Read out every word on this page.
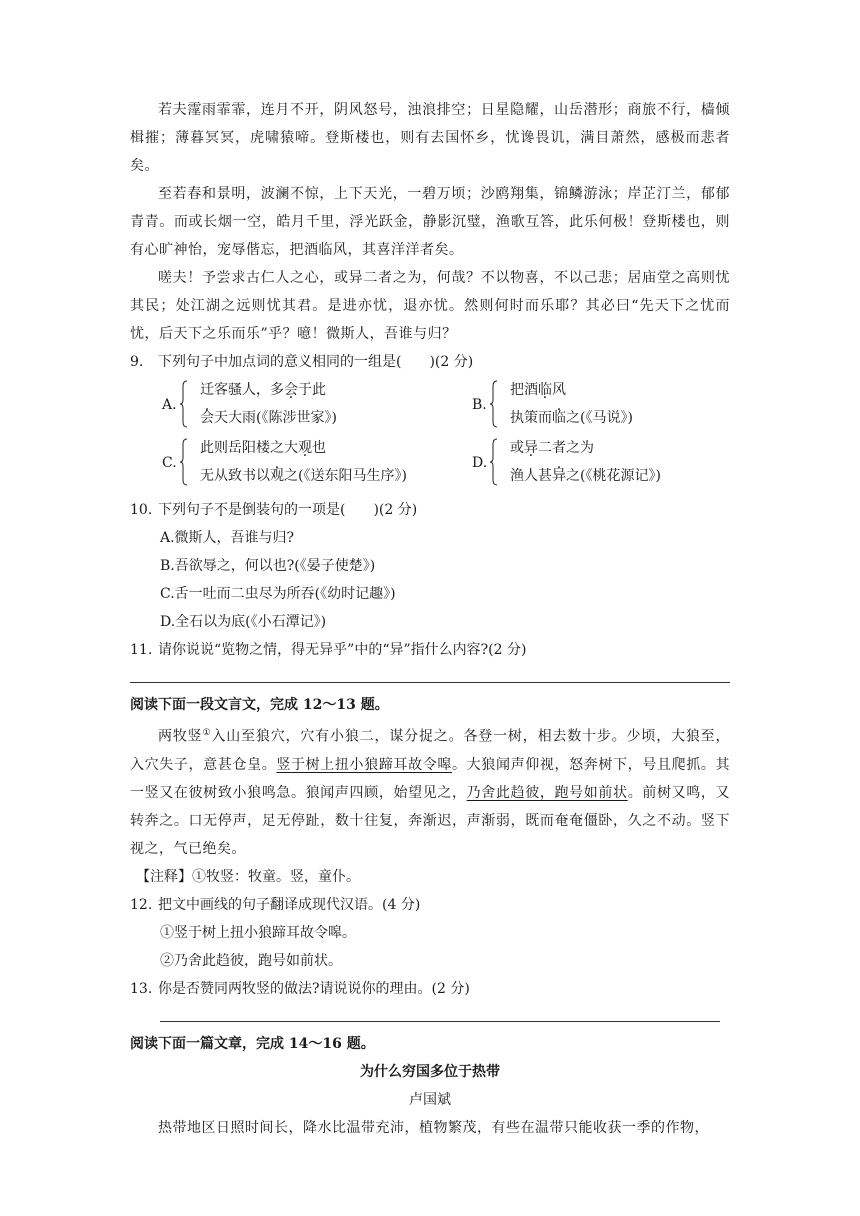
若夫霪雨霏霏，连月不开，阴风怒号，浊浪排空；日星隐耀，山岳潜形；商旅不行，樯倾楫摧；薄暮冥冥，虎啸猿啼。登斯楼也，则有去国怀乡，忧谗畏讥，满目萧然，感极而悲者矣。

至若春和景明，波澜不惊，上下天光，一碧万顷；沙鸥翔集，锦鳞游泳；岸芷汀兰，郁郁青青。而或长烟一空，皓月千里，浮光跃金，静影沉璧，渔歌互答，此乐何极！登斯楼也，则有心旷神怡，宠辱偕忘，把酒临风，其喜洋洋者矣。

嗟夫！予尝求古仁人之心，或异二者之为，何哉？不以物喜，不以己悲；居庙堂之高则忧其民；处江湖之远则忧其君。是进亦忧，退亦忧。然则何时而乐耶？其必曰“先天下之忧而忧，后天下之乐而乐”乎？噫！微斯人，吾谁与归？

9. 下列句子中加点词的意义相同的一组是(　　)(2 分)
A.
迁客骚人，多会于此
会天大雨(《陈涉世家》)
B.
把酒临风
执策而临之(《马说》)
C.
此则岳阳楼之大观也
无从致书以观之(《送东阳马生序》)
D.
或异二者之为
渔人甚异之(《桃花源记》)
10. 下列句子不是倒装句的一项是(　　)(2 分)
A.微斯人，吾谁与归?
B.吾欲辱之，何以也?(《晏子使楚》)
C.舌一吐而二虫尽为所吞(《幼时记趣》)
D.全石以为底(《小石潭记》)
11. 请你说说“览物之情，得无异乎”中的“异”指什么内容?(2 分)

阅读下面一段文言文，完成 12～13 题。

两牧竖①入山至狼穴，穴有小狼二，谋分捉之。各登一树，相去数十步。少顷，大狼至，入穴失子，意甚仓皇。竖于树上扭小狼蹄耳故令嗥。大狼闻声仰视，怒奔树下，号且爬抓。其一竖又在彼树致小狼鸣急。狼闻声四顾，始望见之，乃舍此趋彼，跑号如前状。前树又鸣，又转奔之。口无停声，足无停趾，数十往复，奔渐迟，声渐弱，既而奄奄僵卧，久之不动。竖下视之，气已绝矣。

【注释】①牧竖：牧童。竖，童仆。

12. 把文中画线的句子翻译成现代汉语。(4 分)
①竖于树上扭小狼蹄耳故令嗥。
②乃舍此趋彼，跑号如前状。
13. 你是否赞同两牧竖的做法?请说说你的理由。(2 分)

阅读下面一篇文章，完成 14～16 题。

为什么穷国多位于热带

卢国斌

热带地区日照时间长，降水比温带充沛，植物繁茂，有些在温带只能收获一季的作物，
